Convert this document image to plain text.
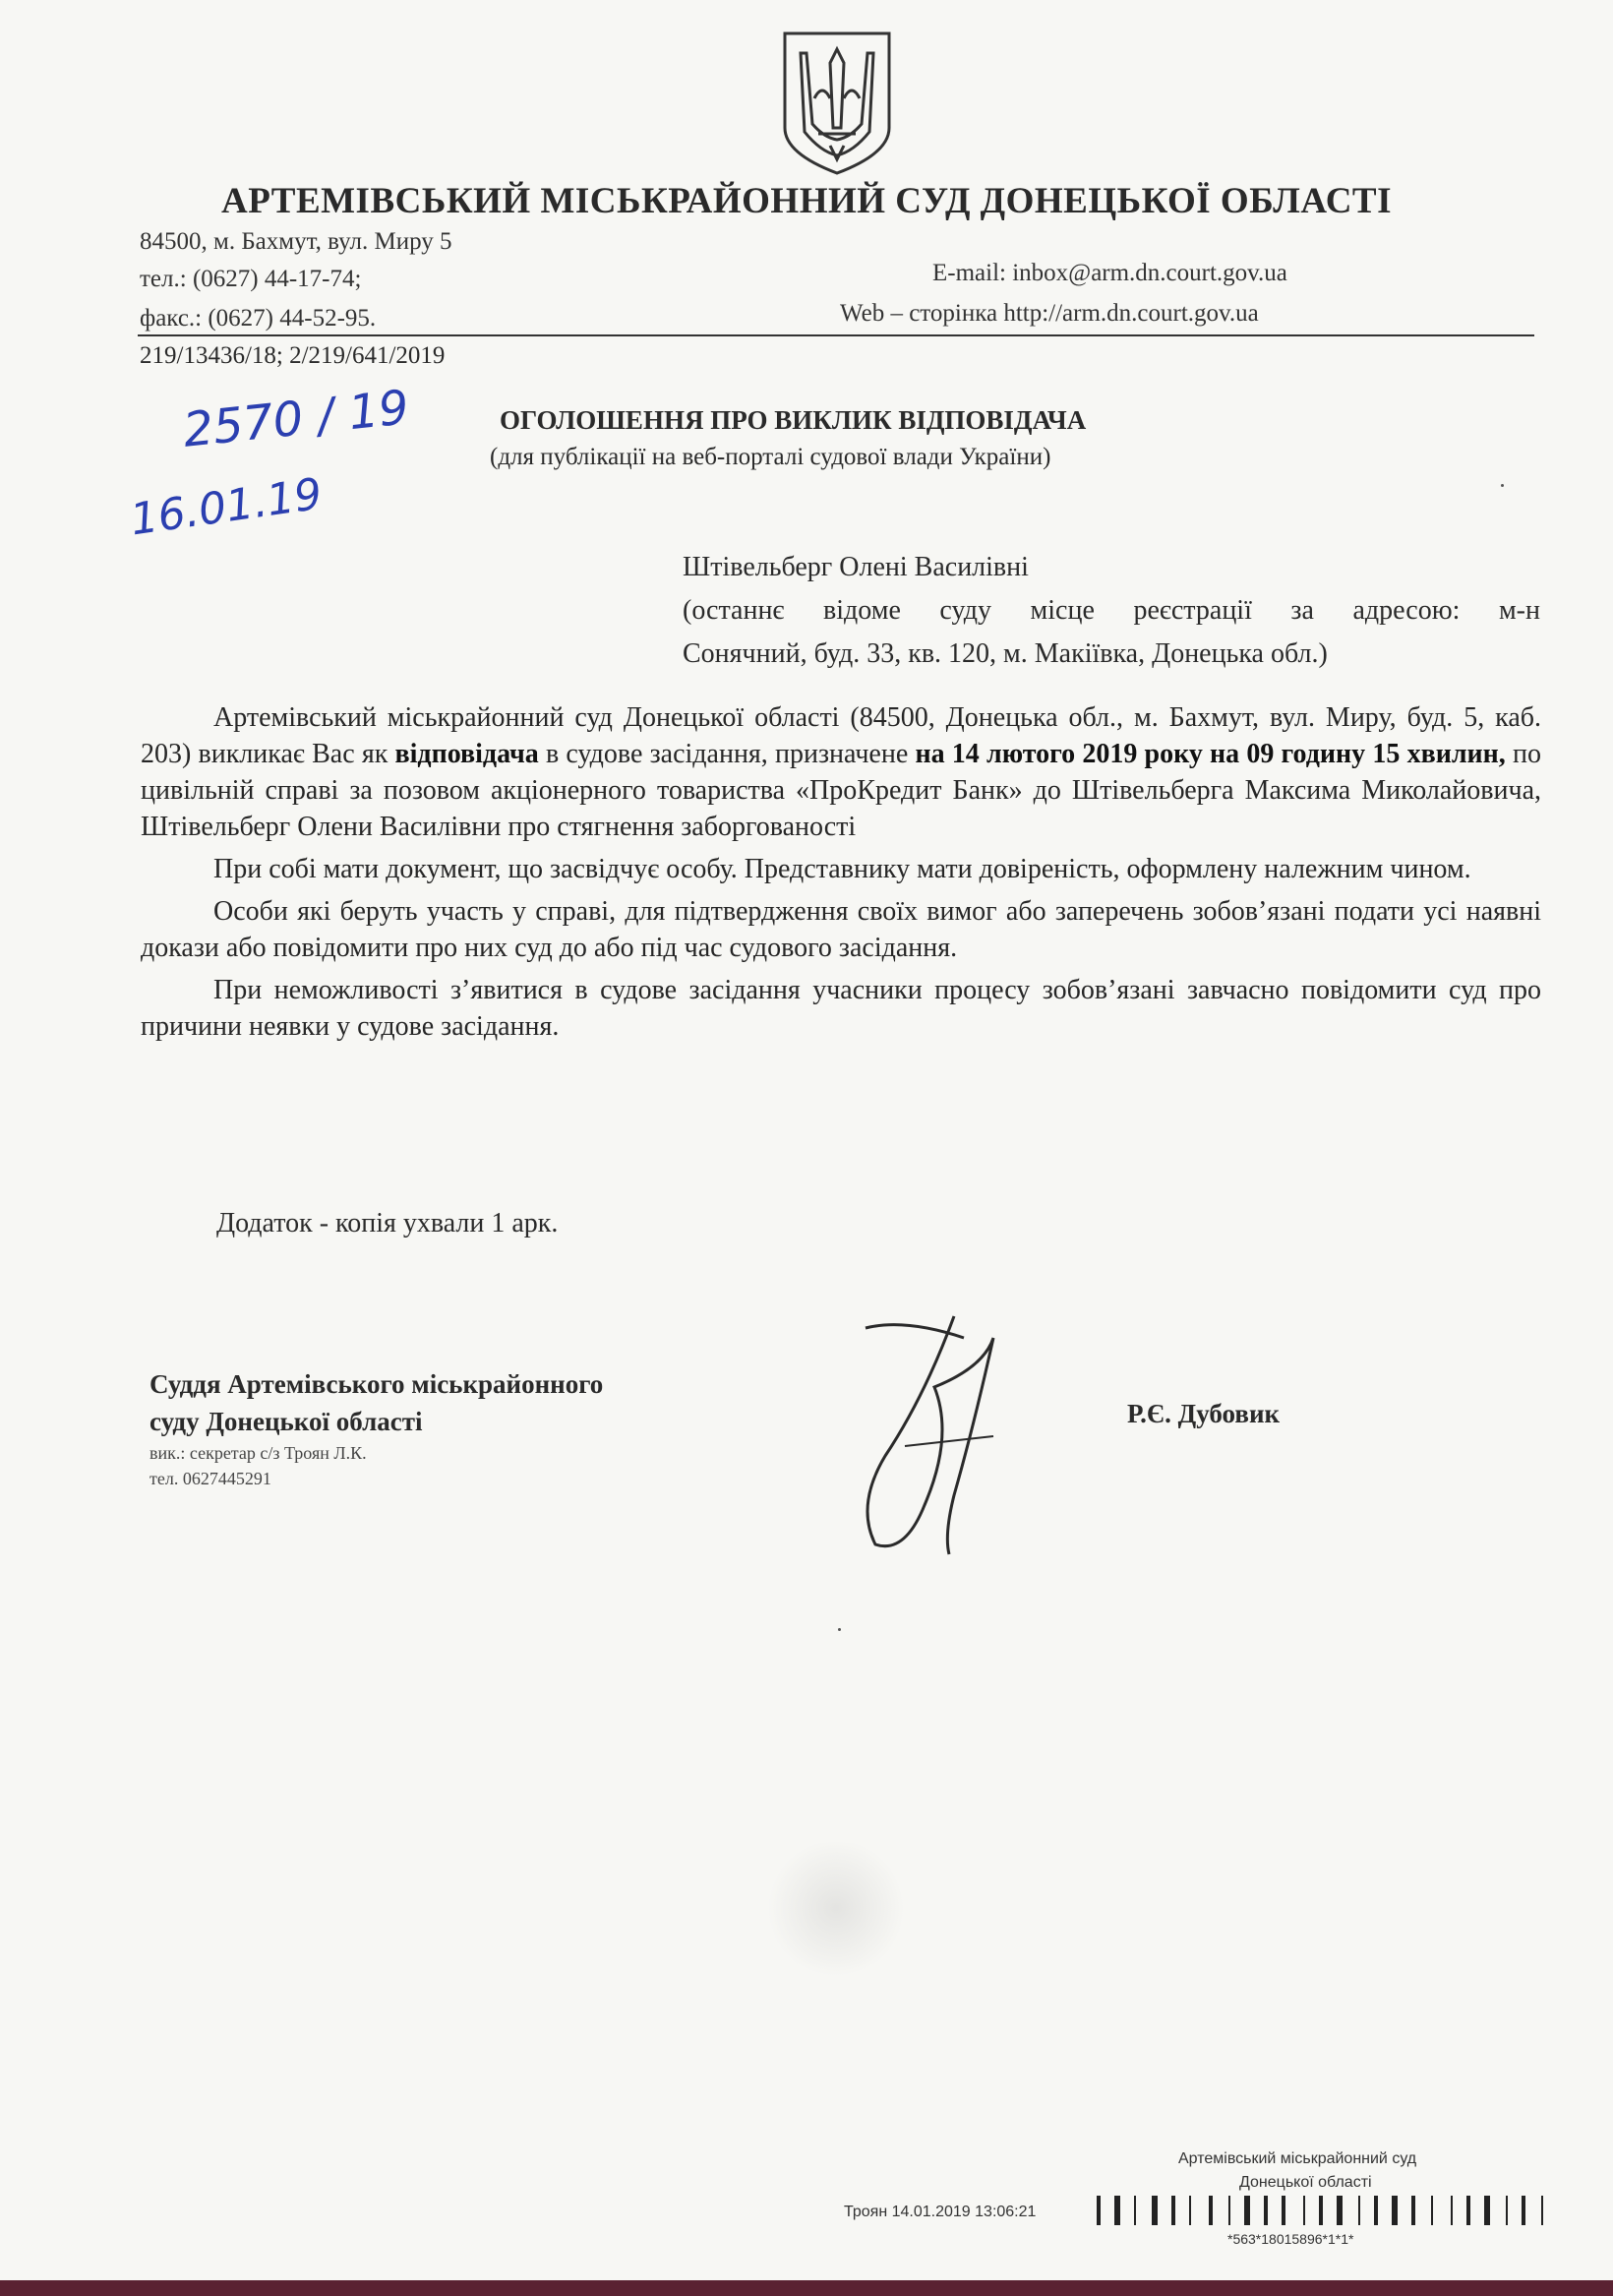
АРТЕМІВСЬКИЙ МІСЬКРАЙОННИЙ СУД ДОНЕЦЬКОЇ ОБЛАСТІ
84500, м. Бахмут, вул. Миру 5
тел.: (0627) 44-17-74;
факс.: (0627) 44-52-95.
E-mail: inbox@arm.dn.court.gov.ua
Web – сторінка http://arm.dn.court.gov.ua
219/13436/18; 2/219/641/2019
2570 / 19
16.01.19
ОГОЛОШЕННЯ ПРО ВИКЛИК ВІДПОВІДАЧА
(для публікації на веб-порталі судової влади України)
Штівельберг Олені Василівні
(останнє відоме суду місце реєстрації за адресою: м-н
Сонячний, буд. 33, кв. 120, м. Макіївка, Донецька обл.)

Артемівський міськрайонний суд Донецької області (84500, Донецька обл., м. Бахмут, вул. Миру, буд. 5, каб. 203) викликає Вас як відповідача в судове засідання, призначене на 14 лютого 2019 року на 09 годину 15 хвилин, по цивільній справі за позовом акціонерного товариства «ПроКредит Банк» до Штівельберга Максима Миколайовича, Штівельберг Олени Василівни про стягнення заборгованості

При собі мати документ, що засвідчує особу. Представнику мати довіреність, оформлену належним чином.

Особи які беруть участь у справі, для підтвердження своїх вимог або заперечень зобов’язані подати усі наявні докази або повідомити про них суд до або під час судового засідання.

При неможливості з’явитися в судове засідання учасники процесу зобов’язані завчасно повідомити суд про причини неявки у судове засідання.

Додаток - копія ухвали 1 арк.
Суддя Артемівського міськрайонного
суду Донецької області
вик.: секретар с/з Троян Л.К.
тел. 0627445291
Р.Є. Дубовик
Артемівський міськрайонний суд
Донецької області
Троян 14.01.2019 13:06:21
*563*18015896*1*1*
